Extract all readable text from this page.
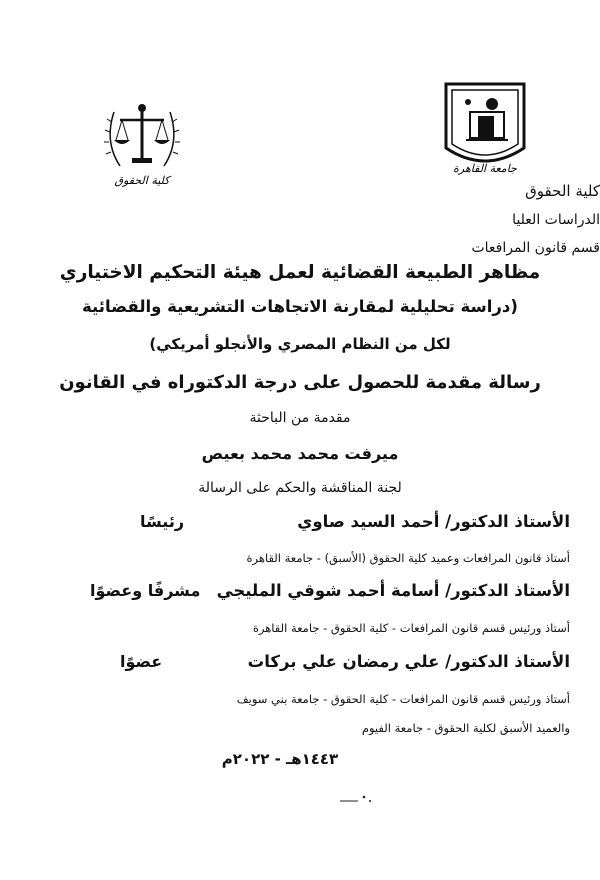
جامعة القاهرة
كلية الحقوق
كلية الحقوق
الدراسات العليا
قسم قانون المرافعات
مظاهر الطبيعة القضائية لعمل هيئة التحكيم الاختياري
(دراسة تحليلية لمقارنة الاتجاهات التشريعية والقضائية
لكل من النظام المصري والأنجلو أمريكي)
رسالة مقدمة للحصول على درجة الدكتوراه في القانون
مقدمة من الباحثة
ميرفت محمد محمد بعيص
لجنة المناقشة والحكم على الرسالة
الأستاذ الدكتور/ أحمد السيد صاوي
رئيسًا
أستاذ قانون المرافعات وعميد كلية الحقوق (الأسبق) - جامعة القاهرة
الأستاذ الدكتور/ أسامة أحمد شوقي المليجي
مشرفًا وعضوًا
أستاذ ورئيس قسم قانون المرافعات - كلية الحقوق - جامعة القاهرة
الأستاذ الدكتور/ علي رمضان علي بركات
عضوًا
أستاذ ورئيس قسم قانون المرافعات - كلية الحقوق - جامعة بني سويف
والعميد الأسبق لكلية الحقوق - جامعة الفيوم
١٤٤٣هـ - ٢٠٢٢م
